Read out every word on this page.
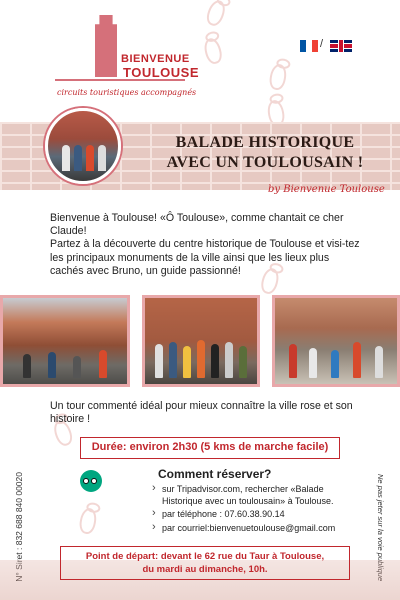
BIENVENUE
TOULOUSE
circuits touristiques accompagnés
/
BALADE HISTORIQUE
AVEC UN TOULOUSAIN !
by Bienvenue Toulouse

Bienvenue à Toulouse! «Ô Toulouse», comme chantait ce cher Claude!

Partez à la découverte du centre historique de Toulouse et visi-tez les principaux monuments de la ville ainsi que les lieux plus cachés avec Bruno, un guide passionné!

Un tour commenté idéal pour mieux connaître la ville rose et son histoire !
Durée: environ 2h30 (5 kms de marche facile)
N° Siret : 832 688 840 00020	Ne pas jeter sur la voie publique
Comment réserver?
› sur Tripadvisor.com, rechercher «Balade Historique avec un toulousain» à Toulouse.
› par téléphone : 07.60.38.90.14
› par courriel:bienvenuetoulouse@gmail.com
Point de départ: devant le 62 rue du Taur à Toulouse,
du mardi au dimanche, 10h.
